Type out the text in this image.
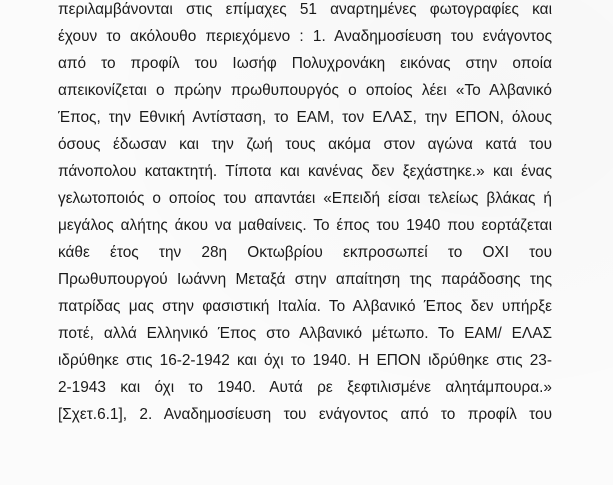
περιλαμβάνονται στις επίμαχες 51 αναρτημένες φωτογραφίες και
έχουν το ακόλουθο περιεχόμενο : 1. Αναδημοσίευση του ενάγοντος
από το προφίλ του Ιωσήφ Πολυχρονάκη εικόνας στην οποία
απεικονίζεται ο πρώην πρωθυπουργός ο οποίος λέει «Το Αλβανικό
Έπος, την Εθνική Αντίσταση, το ΕΑΜ, τον ΕΛΑΣ, την ΕΠΟΝ, όλους
όσους έδωσαν και την ζωή τους ακόμα στον αγώνα κατά του
πάνοπολου κατακτητή. Τίποτα και κανένας δεν ξεχάστηκε.» και ένας
γελωτοποιός ο οποίος του απαντάει «Επειδή είσαι τελείως βλάκας ή
μεγάλος αλήτης άκου να μαθαίνεις. Το έπος του 1940 που εορτάζεται
κάθε έτος την 28η Οκτωβρίου εκπροσωπεί το ΟΧΙ του
Πρωθυπουργού Ιωάννη Μεταξά στην απαίτηση της παράδοσης της
πατρίδας μας στην φασιστική Ιταλία. Το Αλβανικό Έπος δεν υπήρξε
ποτέ, αλλά Ελληνικό Έπος στο Αλβανικό μέτωπο. Το ΕΑΜ/ ΕΛΑΣ
ιδρύθηκε στις 16-2-1942 και όχι το 1940. Η ΕΠΟΝ ιδρύθηκε στις 23-
2-1943 και όχι το 1940. Αυτά ρε ξεφτιλισμένε αλητάμπουρα.»
[Σχετ.6.1], 2. Αναδημοσίευση του ενάγοντος από το προφίλ του
